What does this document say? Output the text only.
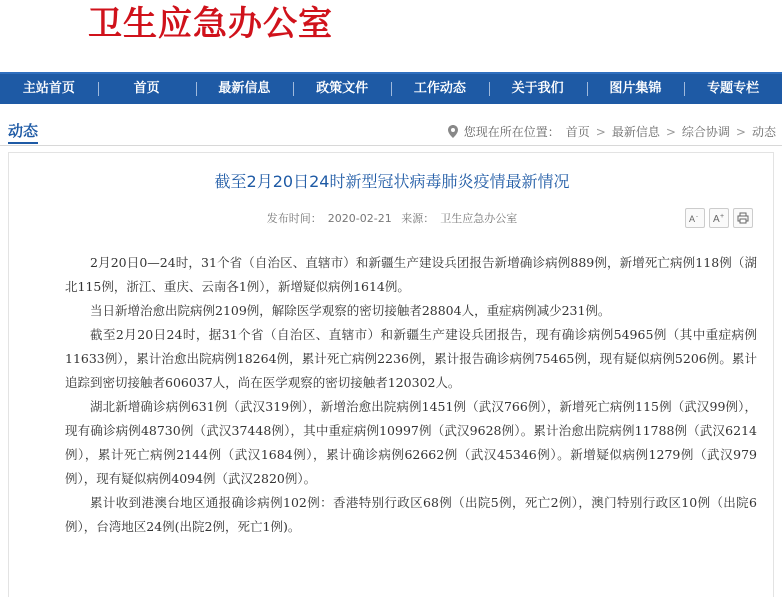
卫生应急办公室
主站首页	首页	最新信息	政策文件	工作动态	关于我们	图片集锦	专题专栏
动态	您现在所在位置： 首页 > 最新信息 > 综合协调 > 动态
截至2月20日24时新型冠状病毒肺炎疫情最新情况
发布时间： 2020-02-21 来源： 卫生应急办公室	A - A +

2月20日0—24时，31个省（自治区、直辖市）和新疆生产建设兵团报告新增确诊病例889例，新增死亡病例118例（湖北115例，浙江、重庆、云南各1例），新增疑似病例1614例。

当日新增治愈出院病例2109例，解除医学观察的密切接触者28804人，重症病例减少231例。

截至2月20日24时，据31个省（自治区、直辖市）和新疆生产建设兵团报告，现有确诊病例54965例（其中重症病例11633例），累计治愈出院病例18264例，累计死亡病例2236例，累计报告确诊病例75465例，现有疑似病例5206例。累计追踪到密切接触者606037人，尚在医学观察的密切接触者120302人。

湖北新增确诊病例631例（武汉319例），新增治愈出院病例1451例（武汉766例），新增死亡病例115例（武汉99例），现有确诊病例48730例（武汉37448例），其中重症病例10997例（武汉9628例）。累计治愈出院病例11788例（武汉6214例），累计死亡病例2144例（武汉1684例），累计确诊病例62662例（武汉45346例）。新增疑似病例1279例（武汉979例），现有疑似病例4094例（武汉2820例）。

累计收到港澳台地区通报确诊病例102例：香港特别行政区68例（出院5例，死亡2例），澳门特别行政区10例（出院6例），台湾地区24例(出院2例，死亡1例)。
